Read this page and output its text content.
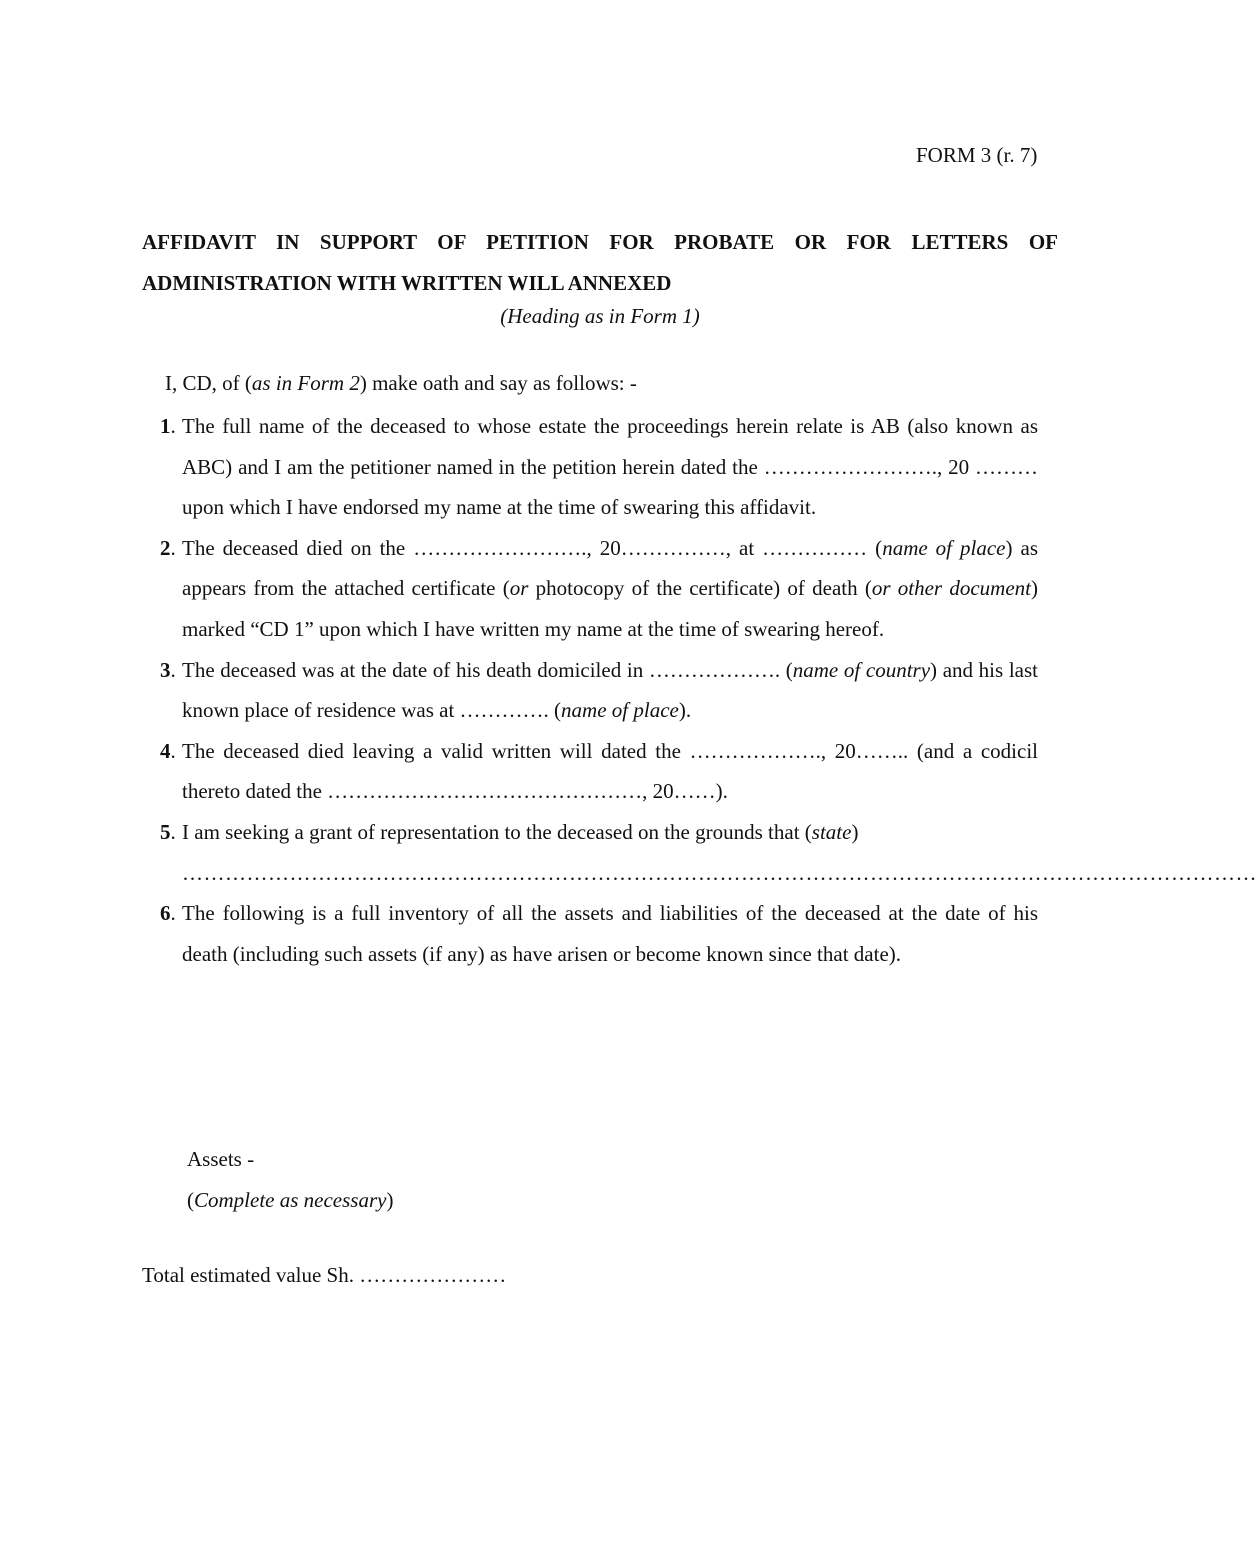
FORM 3 (r. 7)
AFFIDAVIT IN SUPPORT OF PETITION FOR PROBATE OR FOR LETTERS OF
ADMINISTRATION WITH WRITTEN WILL ANNEXED
(Heading as in Form 1)
I, CD, of (as in Form 2) make oath and say as follows: -

1 . The full name of the deceased to whose estate the proceedings herein relate is AB (also known as ABC) and I am the petitioner named in the petition herein dated the ……………………., 20 ……… upon which I have endorsed my name at the time of swearing this affidavit.

2 . The deceased died on the ……………………., 20……………, at …………… (name of place) as appears from the attached certificate (or photocopy of the certificate) of death (or other document) marked “CD 1” upon which I have written my name at the time of swearing hereof.

3 . The deceased was at the date of his death domiciled in ………………. (name of country) and his last known place of residence was at …………. (name of place).

4 . The deceased died leaving a valid written will dated the ………………., 20…….. (and a codicil thereto dated the ………………………………………, 20……).

5 . I am seeking a grant of representation to the deceased on the grounds that (state)
……………………………………………………………………………………………………………………………………

6 . The following is a full inventory of all the assets and liabilities of the deceased at the date of his death (including such assets (if any) as have arisen or become known since that date).

Assets -
(Complete as necessary)
Total estimated value Sh. …………………
